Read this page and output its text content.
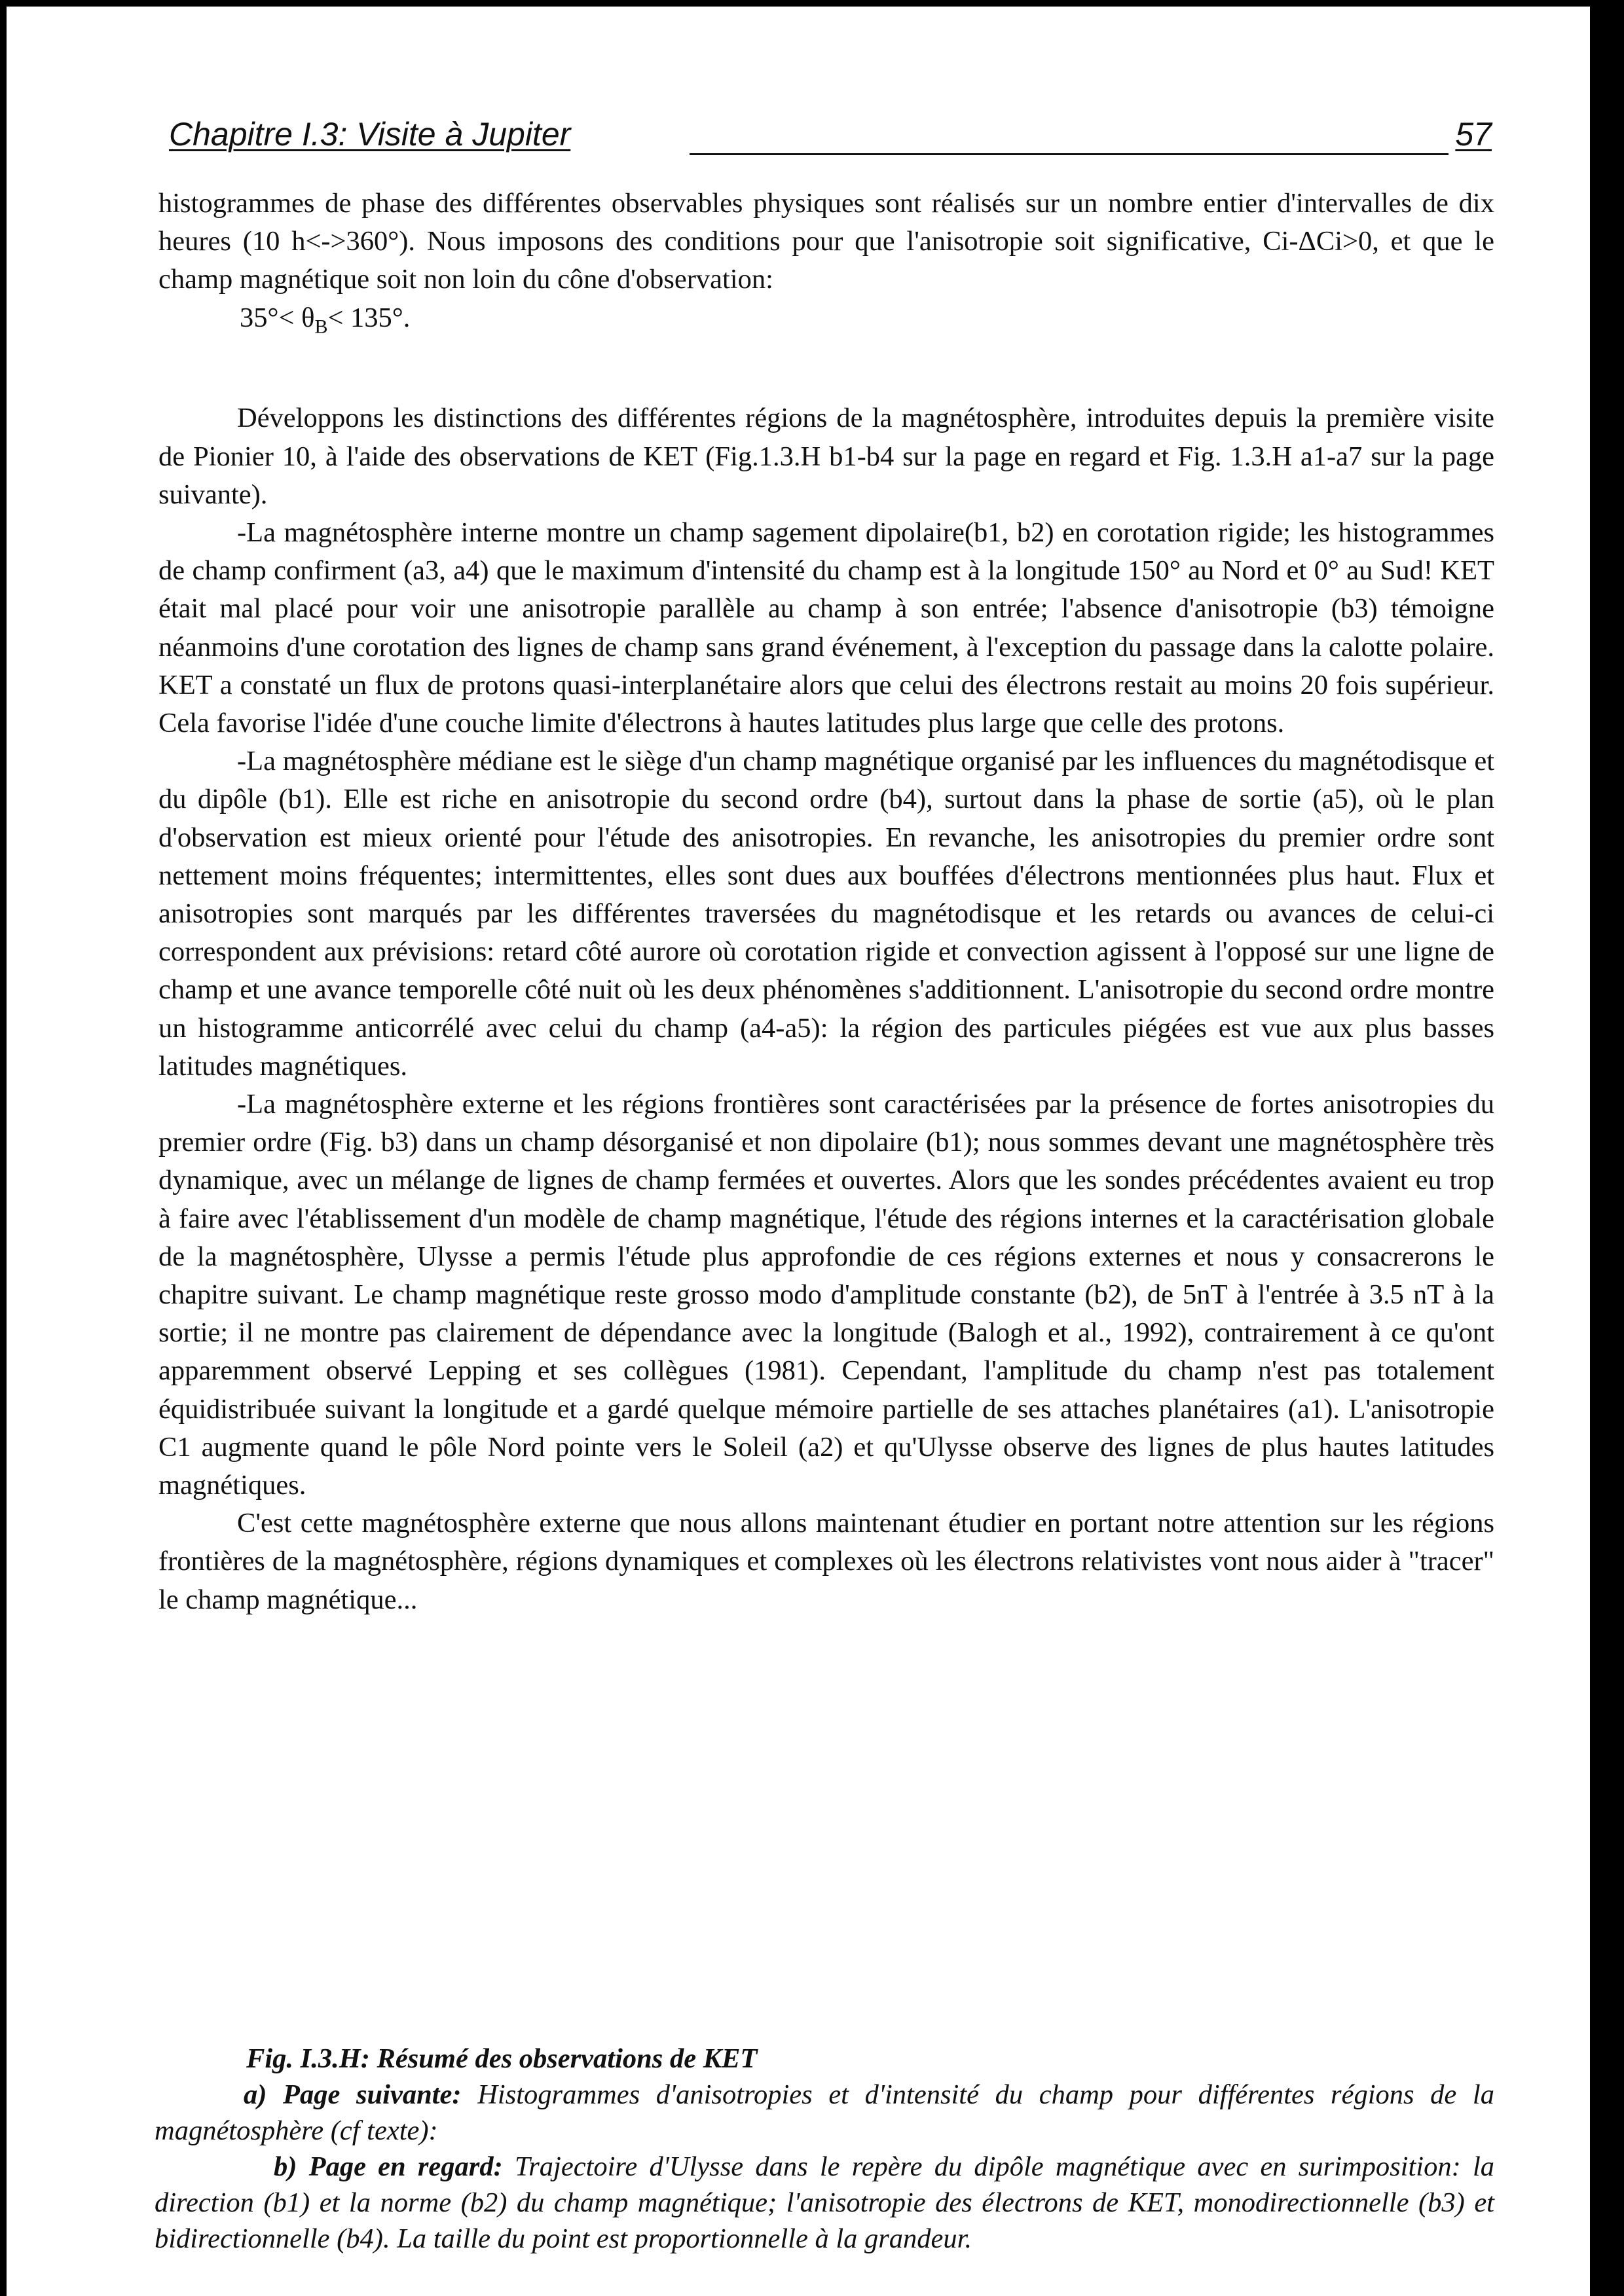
Chapitre I.3: Visite à Jupiter	57

histogrammes de phase des différentes observables physiques sont réalisés sur un nombre entier d'intervalles de dix heures (10 h<->360°). Nous imposons des conditions pour que l'anisotropie soit significative, Ci-ΔCi>0, et que le champ magnétique soit non loin du cône d'observation:

$35^\circ< \theta_B< 135^\circ$.

Développons les distinctions des différentes régions de la magnétosphère, introduites depuis la première visite de Pionier 10, à l'aide des observations de KET (Fig.1.3.H b1-b4 sur la page en regard et Fig. 1.3.H a1-a7 sur la page suivante).

-La magnétosphère interne montre un champ sagement dipolaire(b1, b2) en corotation rigide; les histogrammes de champ confirment (a3, a4) que le maximum d'intensité du champ est à la longitude 150° au Nord et 0° au Sud! KET était mal placé pour voir une anisotropie parallèle au champ à son entrée; l'absence d'anisotropie (b3) témoigne néanmoins d'une corotation des lignes de champ sans grand événement, à l'exception du passage dans la calotte polaire. KET a constaté un flux de protons quasi-interplanétaire alors que celui des électrons restait au moins 20 fois supérieur. Cela favorise l'idée d'une couche limite d'électrons à hautes latitudes plus large que celle des protons.

-La magnétosphère médiane est le siège d'un champ magnétique organisé par les influences du magnétodisque et du dipôle (b1). Elle est riche en anisotropie du second ordre (b4), surtout dans la phase de sortie (a5), où le plan d'observation est mieux orienté pour l'étude des anisotropies. En revanche, les anisotropies du premier ordre sont nettement moins fréquentes; intermittentes, elles sont dues aux bouffées d'électrons mentionnées plus haut. Flux et anisotropies sont marqués par les différentes traversées du magnétodisque et les retards ou avances de celui-ci correspondent aux prévisions: retard côté aurore où corotation rigide et convection agissent à l'opposé sur une ligne de champ et une avance temporelle côté nuit où les deux phénomènes s'additionnent. L'anisotropie du second ordre montre un histogramme anticorrélé avec celui du champ (a4-a5): la région des particules piégées est vue aux plus basses latitudes magnétiques.

-La magnétosphère externe et les régions frontières sont caractérisées par la présence de fortes anisotropies du premier ordre (Fig. b3) dans un champ désorganisé et non dipolaire (b1); nous sommes devant une magnétosphère très dynamique, avec un mélange de lignes de champ fermées et ouvertes. Alors que les sondes précédentes avaient eu trop à faire avec l'établissement d'un modèle de champ magnétique, l'étude des régions internes et la caractérisation globale de la magnétosphère, Ulysse a permis l'étude plus approfondie de ces régions externes et nous y consacrerons le chapitre suivant. Le champ magnétique reste grosso modo d'amplitude constante (b2), de 5nT à l'entrée à 3.5 nT à la sortie; il ne montre pas clairement de dépendance avec la longitude (Balogh et al., 1992), contrairement à ce qu'ont apparemment observé Lepping et ses collègues (1981). Cependant, l'amplitude du champ n'est pas totalement équidistribuée suivant la longitude et a gardé quelque mémoire partielle de ses attaches planétaires (a1). L'anisotropie C1 augmente quand le pôle Nord pointe vers le Soleil (a2) et qu'Ulysse observe des lignes de plus hautes latitudes magnétiques.

C'est cette magnétosphère externe que nous allons maintenant étudier en portant notre attention sur les régions frontières de la magnétosphère, régions dynamiques et complexes où les électrons relativistes vont nous aider à "tracer" le champ magnétique...

Fig. I.3.H: Résumé des observations de KET

a) Page suivante: Histogrammes d'anisotropies et d'intensité du champ pour différentes régions de la magnétosphère (cf texte):

b) Page en regard: Trajectoire d'Ulysse dans le repère du dipôle magnétique avec en surimposition: la direction (b1) et la norme (b2) du champ magnétique; l'anisotropie des électrons de KET, monodirectionnelle (b3) et bidirectionnelle (b4). La taille du point est proportionnelle à la grandeur.
